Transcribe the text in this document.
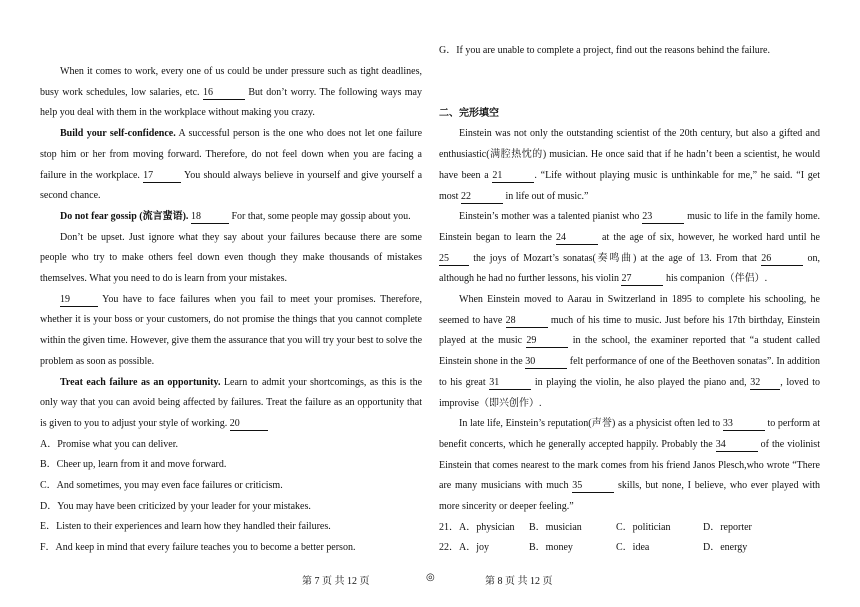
When it comes to work, every one of us could be under pressure such as tight deadlines, busy work schedules, low salaries, etc. 16	But don’t worry. The following ways may help you deal with them in the workplace without making you crazy.

Build your self-confidence. A successful person is the one who does not let one failure stop him or her from moving forward. Therefore, do not feel down when you are facing a failure in the workplace. 17	You should always believe in yourself and give yourself a second chance.

Do not fear gossip (流言蜚语). 18	For that, some people may gossip about you.

Don’t be upset. Just ignore what they say about your failures because there are some people who try to make others feel down even though they make thousands of mistakes themselves. What you need to do is learn from your mistakes.

19	You have to face failures when you fail to meet your promises. Therefore, whether it is your boss or your customers, do not promise the things that you cannot complete within the given time. However, give them the assurance that you will try your best to solve the problem as soon as possible.

Treat each failure as an opportunity. Learn to admit your shortcomings, as this is the only way that you can avoid being affected by failures. Treat the failure as an opportunity that is given to you to adjust your style of working. 20

A．Promise what you can deliver.

B．Cheer up, learn from it and move forward.

C．And sometimes, you may even face failures or criticism.

D．You may have been criticized by your leader for your mistakes.

E．Listen to their experiences and learn how they handled their failures.

F．And keep in mind that every failure teaches you to become a better person.

G．If you are unable to complete a project, find out the reasons behind the failure.

二、完形填空

Einstein was not only the outstanding scientist of the 20th century, but also a gifted and enthusiastic(满腔热忱的) musician. He once said that if he hadn’t been a scientist, he would have been a 21	. “Life without playing music is unthinkable for me,” he said. “I get most 22	in life out of music.”

Einstein’s mother was a talented pianist who 23	music to life in the family home. Einstein began to learn the 24	at the age of six, however, he worked hard until he 25 the joys of Mozart’s sonatas(奏鸣曲) at the age of 13. From that 26	on, although he had no further lessons, his violin 27	his companion（伴侣）.

When Einstein moved to Aarau in Switzerland in 1895 to complete his schooling, he seemed to have 28	much of his time to music. Just before his 17th birthday, Einstein played at the music 29	in the school, the examiner reported that “a student called Einstein shone in the 30	felt performance of one of the Beethoven sonatas”. In addition to his great 31	in playing the violin, he also played the piano and, 32 , loved to improvise（即兴创作）.

In late life, Einstein’s reputation(声誉) as a physicist often led to 33	to perform at benefit concerts, which he generally accepted happily. Probably the 34	of the violinist Einstein that comes nearest to the mark comes from his friend Janos Plesch,who wrote “There are many musicians with much 35	skills, but none, I believe, who ever played with more sincerity or deeper feeling.”

21． A．physician	B．musician	C．politician	D．reporter
22． A．joy	B．money	C．idea	D．energy
第 7 页 共 12 页	◎	第 8 页 共 12 页
